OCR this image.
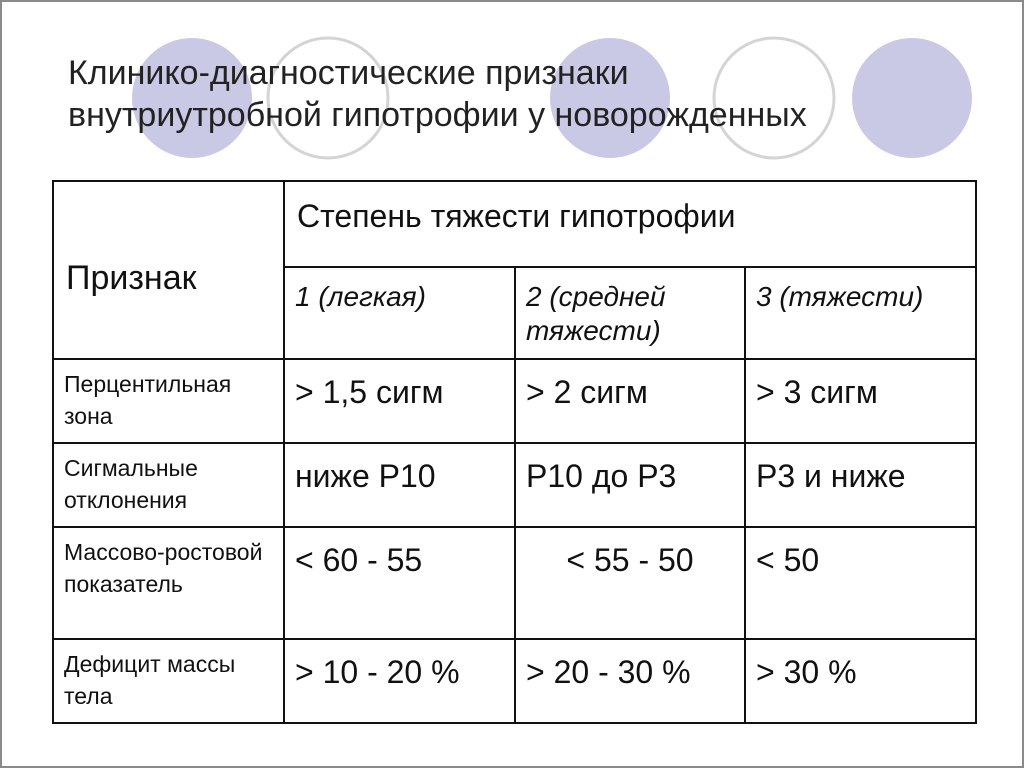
Клинико-диагностические признаки
внутриутробной гипотрофии у новорожденных
Признак	Степень тяжести гипотрофии		
	1 (легкая)	2 (средней тяжести)	3 (тяжести)
Перцентильная зона	> 1,5 сигм	> 2 сигм	> 3 сигм
Сигмальные отклонения	ниже Р10	Р10 до Р3	Р3 и ниже
Массово-ростовой показатель	< 60 - 55	< 55 - 50	< 50
Дефицит массы тела	> 10 - 20 %	> 20 - 30 %	> 30 %
